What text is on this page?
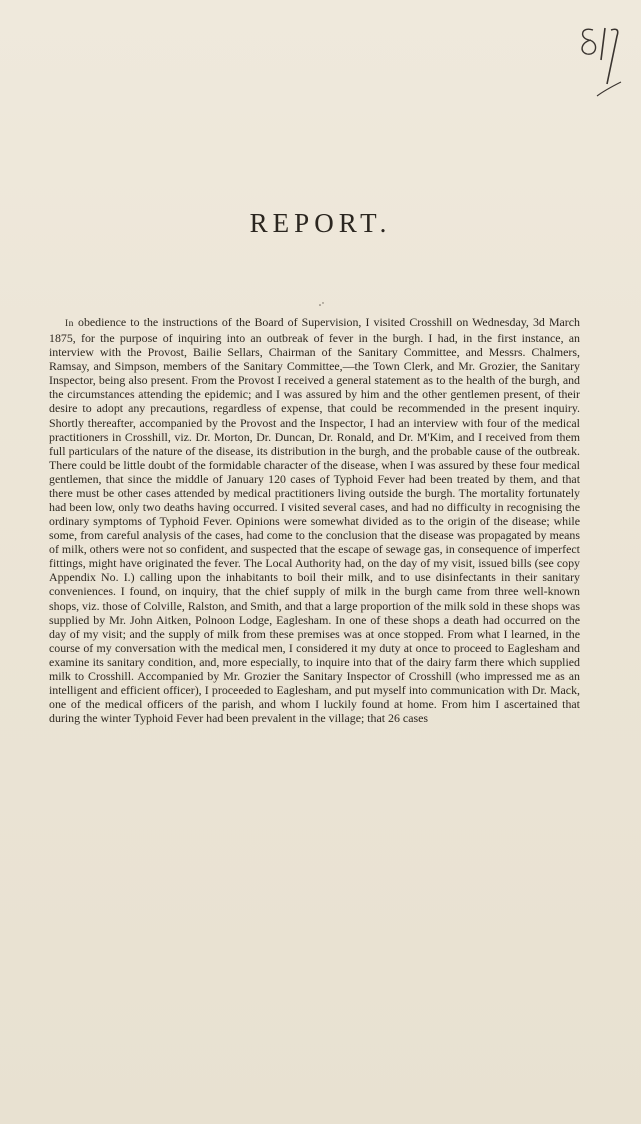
REPORT.

In obedience to the instructions of the Board of Supervision, I visited Crosshill on Wednesday, 3d March 1875, for the purpose of inquiring into an outbreak of fever in the burgh. I had, in the first instance, an interview with the Provost, Bailie Sellars, Chairman of the Sanitary Committee, and Messrs. Chalmers, Ramsay, and Simpson, members of the Sanitary Committee,—the Town Clerk, and Mr. Grozier, the Sanitary Inspector, being also present. From the Provost I received a general statement as to the health of the burgh, and the circumstances attending the epidemic; and I was assured by him and the other gentlemen present, of their desire to adopt any precautions, regardless of expense, that could be recommended in the present inquiry. Shortly thereafter, accompanied by the Provost and the Inspector, I had an interview with four of the medical practitioners in Crosshill, viz. Dr. Morton, Dr. Duncan, Dr. Ronald, and Dr. M'Kim, and I received from them full particulars of the nature of the disease, its distribution in the burgh, and the probable cause of the outbreak. There could be little doubt of the formidable character of the disease, when I was assured by these four medical gentlemen, that since the middle of January 120 cases of Typhoid Fever had been treated by them, and that there must be other cases attended by medical practitioners living outside the burgh. The mortality fortunately had been low, only two deaths having occurred. I visited several cases, and had no difficulty in recognising the ordinary symptoms of Typhoid Fever. Opinions were somewhat divided as to the origin of the disease; while some, from careful analysis of the cases, had come to the conclusion that the disease was propagated by means of milk, others were not so confident, and suspected that the escape of sewage gas, in consequence of imperfect fittings, might have originated the fever. The Local Authority had, on the day of my visit, issued bills (see copy Appendix No. I.) calling upon the inhabitants to boil their milk, and to use disinfectants in their sanitary conveniences. I found, on inquiry, that the chief supply of milk in the burgh came from three well-known shops, viz. those of Colville, Ralston, and Smith, and that a large proportion of the milk sold in these shops was supplied by Mr. John Aitken, Polnoon Lodge, Eaglesham. In one of these shops a death had occurred on the day of my visit; and the supply of milk from these premises was at once stopped. From what I learned, in the course of my conversation with the medical men, I considered it my duty at once to proceed to Eaglesham and examine its sanitary condition, and, more especially, to inquire into that of the dairy farm there which supplied milk to Crosshill. Accompanied by Mr. Grozier the Sanitary Inspector of Crosshill (who impressed me as an intelligent and efficient officer), I proceeded to Eaglesham, and put myself into communication with Dr. Mack, one of the medical officers of the parish, and whom I luckily found at home. From him I ascertained that during the winter Typhoid Fever had been prevalent in the village; that 26 cases
